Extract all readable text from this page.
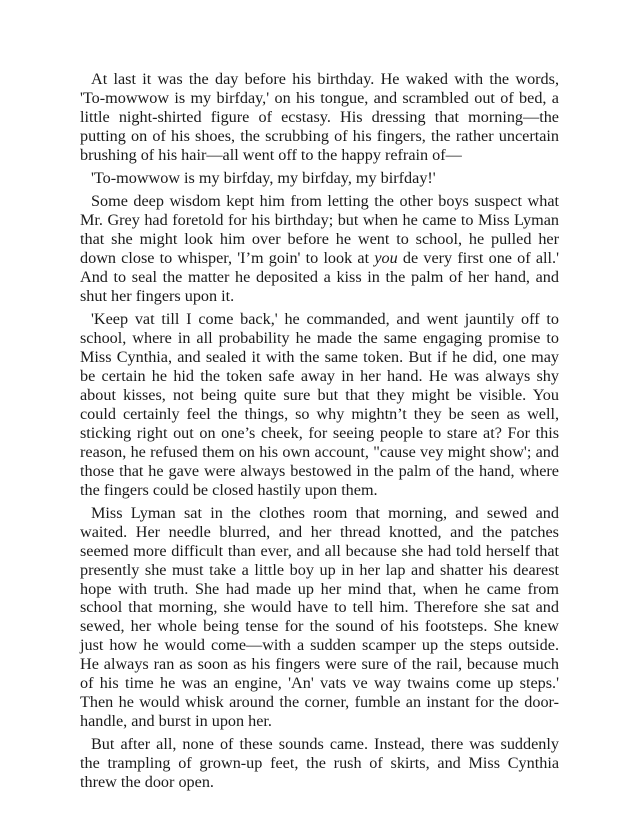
At last it was the day before his birthday. He waked with the words, 'To-mowwow is my birfday,' on his tongue, and scrambled out of bed, a little night-shirted figure of ecstasy. His dressing that morning—the putting on of his shoes, the scrubbing of his fingers, the rather uncertain brushing of his hair—all went off to the happy refrain of—

'To-mowwow is my birfday, my birfday, my birfday!'

Some deep wisdom kept him from letting the other boys suspect what Mr. Grey had foretold for his birthday; but when he came to Miss Lyman that she might look him over before he went to school, he pulled her down close to whisper, 'I’m goin' to look at you de very first one of all.' And to seal the matter he deposited a kiss in the palm of her hand, and shut her fingers upon it.

'Keep vat till I come back,' he commanded, and went jauntily off to school, where in all probability he made the same engaging promise to Miss Cynthia, and sealed it with the same token. But if he did, one may be certain he hid the token safe away in her hand. He was always shy about kisses, not being quite sure but that they might be visible. You could certainly feel the things, so why mightn’t they be seen as well, sticking right out on one’s cheek, for seeing people to stare at? For this reason, he refused them on his own account, "cause vey might show'; and those that he gave were always bestowed in the palm of the hand, where the fingers could be closed hastily upon them.

Miss Lyman sat in the clothes room that morning, and sewed and waited. Her needle blurred, and her thread knotted, and the patches seemed more difficult than ever, and all because she had told herself that presently she must take a little boy up in her lap and shatter his dearest hope with truth. She had made up her mind that, when he came from school that morning, she would have to tell him. Therefore she sat and sewed, her whole being tense for the sound of his footsteps. She knew just how he would come—with a sudden scamper up the steps outside. He always ran as soon as his fingers were sure of the rail, because much of his time he was an engine, 'An' vats ve way twains come up steps.' Then he would whisk around the corner, fumble an instant for the door-handle, and burst in upon her.

But after all, none of these sounds came. Instead, there was suddenly the trampling of grown-up feet, the rush of skirts, and Miss Cynthia threw the door open.
